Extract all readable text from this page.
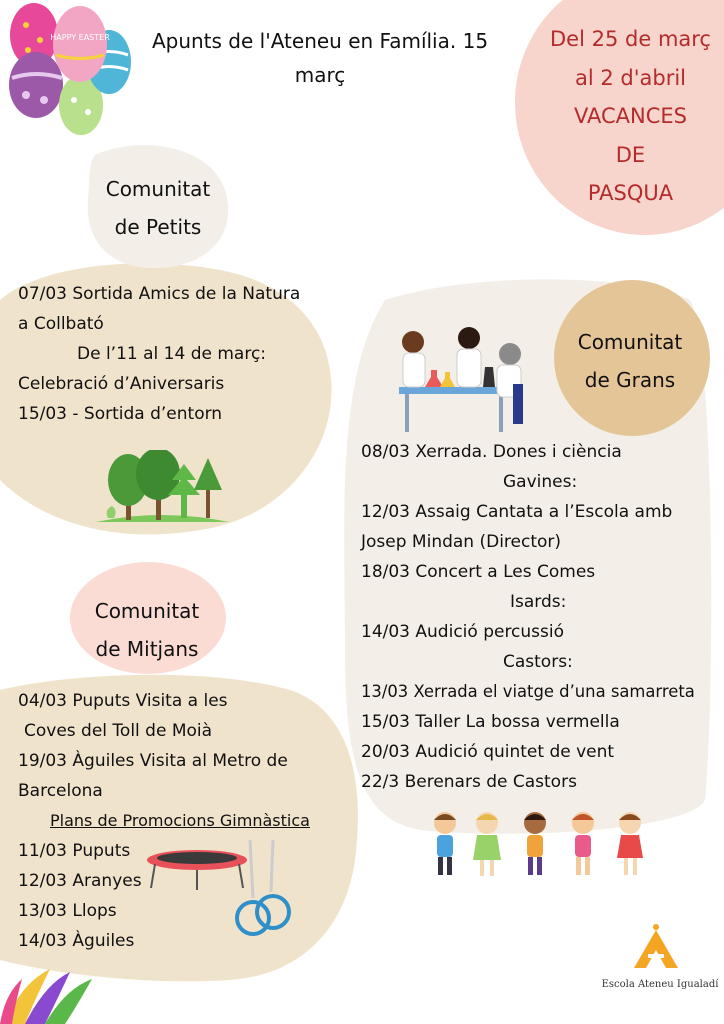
Del 25 de març
al 2 d'abril
VACANCES
DE
PASQUA
HAPPY EASTER	Apunts de l'Ateneu en Família. 15
març
Comunitat
de Petits
07/03 Sortida Amics de la Natura
a Collbató
De l’11 al 14 de març:
Celebració d’Aniversaris
15/03 - Sortida d’entorn
Comunitat
de Grans
08/03 Xerrada. Dones i ciència
Gavines:
12/03 Assaig Cantata a l’Escola amb
Josep Mindan (Director)
18/03 Concert a Les Comes
Isards:
14/03 Audició percussió
Castors:
13/03 Xerrada el viatge d’una samarreta
15/03 Taller La bossa vermella
20/03 Audició quintet de vent
22/3 Berenars de Castors
Comunitat
de Mitjans
04/03 Puputs Visita a les
Coves del Toll de Moià
19/03 Àguiles Visita al Metro de
Barcelona
Plans de Promocions Gimnàstica
11/03 Puputs
12/03 Aranyes
13/03 Llops
14/03 Àguiles
Escola Ateneu Igualadí
